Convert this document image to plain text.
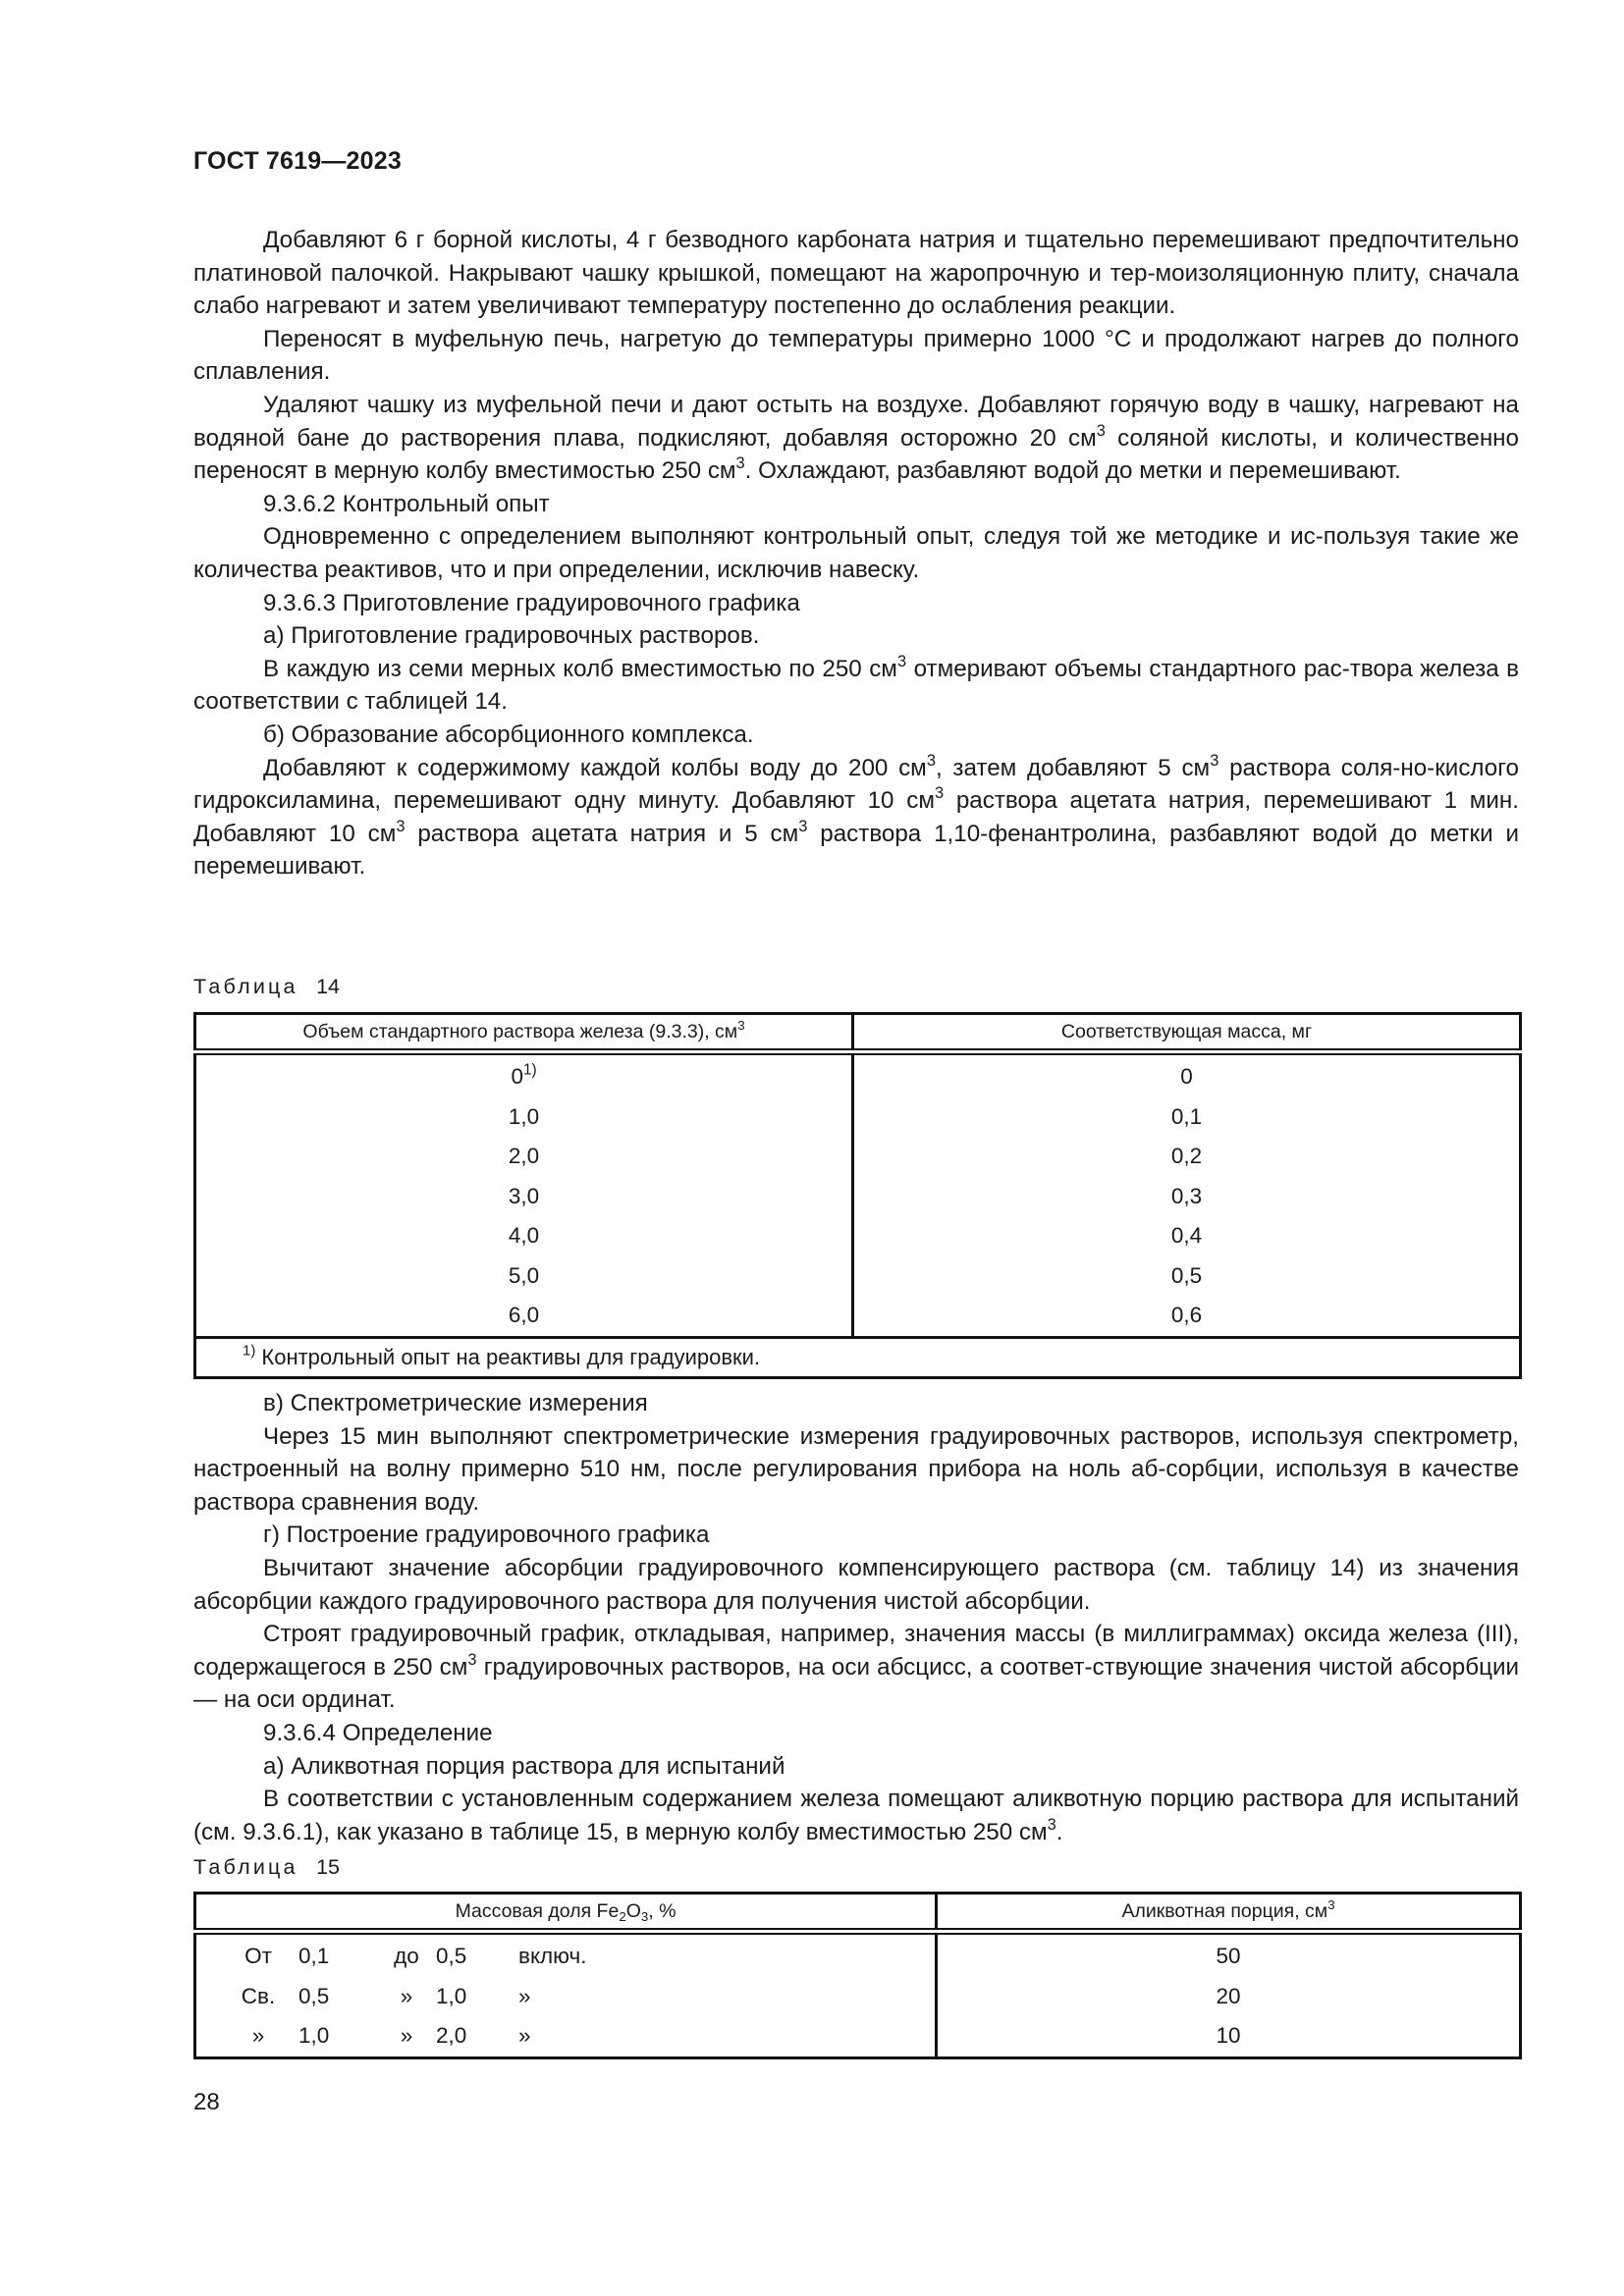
ГОСТ 7619—2023

Добавляют 6 г борной кислоты, 4 г безводного карбоната натрия и тщательно перемешивают предпочтительно платиновой палочкой. Накрывают чашку крышкой, помещают на жаропрочную и тер-моизоляционную плиту, сначала слабо нагревают и затем увеличивают температуру постепенно до ослабления реакции.

Переносят в муфельную печь, нагретую до температуры примерно 1000 °С и продолжают нагрев до полного сплавления.

Удаляют чашку из муфельной печи и дают остыть на воздухе. Добавляют горячую воду в чашку, нагревают на водяной бане до растворения плава, подкисляют, добавляя осторожно 20 $см^3$ соляной кислоты, и количественно переносят в мерную колбу вместимостью 250 $см^3$. Охлаждают, разбавляют водой до метки и перемешивают.

9.3.6.2 Контрольный опыт

Одновременно с определением выполняют контрольный опыт, следуя той же методике и ис-пользуя такие же количества реактивов, что и при определении, исключив навеску.

9.3.6.3 Приготовление градуировочного графика

а) Приготовление градировочных растворов.

В каждую из семи мерных колб вместимостью по 250 $см^3$ отмеривают объемы стандартного рас-твора железа в соответствии с таблицей 14.

б) Образование абсорбционного комплекса.

Добавляют к содержимому каждой колбы воду до 200 $см^3$, затем добавляют 5 $см^3$ раствора соля-но-кислого гидроксиламина, перемешивают одну минуту. Добавляют 10 $см^3$ раствора ацетата натрия, перемешивают 1 мин. Добавляют 10 $см^3$ раствора ацетата натрия и 5 $см^3$ раствора 1,10-фенантролина, разбавляют водой до метки и перемешивают.

Таблица 14

Объем стандартного раствора железа (9.3.3), $см^3$	Соответствующая масса, мг
0$^{1)}$	0
1,0	0,1
2,0	0,2
3,0	0,3
4,0	0,4
5,0	0,5
6,0	0,6
$^{1)}$ Контрольный опыт на реактивы для градуировки.	

в) Спектрометрические измерения

Через 15 мин выполняют спектрометрические измерения градуировочных растворов, используя спектрометр, настроенный на волну примерно 510 нм, после регулирования прибора на ноль аб-сорбции, используя в качестве раствора сравнения воду.

г) Построение градуировочного графика

Вычитают значение абсорбции градуировочного компенсирующего раствора (см. таблицу 14) из значения абсорбции каждого градуировочного раствора для получения чистой абсорбции.

Строят градуировочный график, откладывая, например, значения массы (в миллиграммах) оксида железа (III), содержащегося в 250 $см^3$ градуировочных растворов, на оси абсцисс, а соответ-ствующие значения чистой абсорбции — на оси ординат.

9.3.6.4 Определение

а) Аликвотная порция раствора для испытаний

В соответствии с установленным содержанием железа помещают аликвотную порцию раствора для испытаний (см. 9.3.6.1), как указано в таблице 15, в мерную колбу вместимостью 250 $см^3$.

Таблица 15

Массовая доля $Fe_2O_3$, %	Аликвотная порция, $см^3$

От 0,1 до 0,5 включ.	50

Св. 0,5 » 1,0 »	20

» 1,0 » 2,0 »	10
28
